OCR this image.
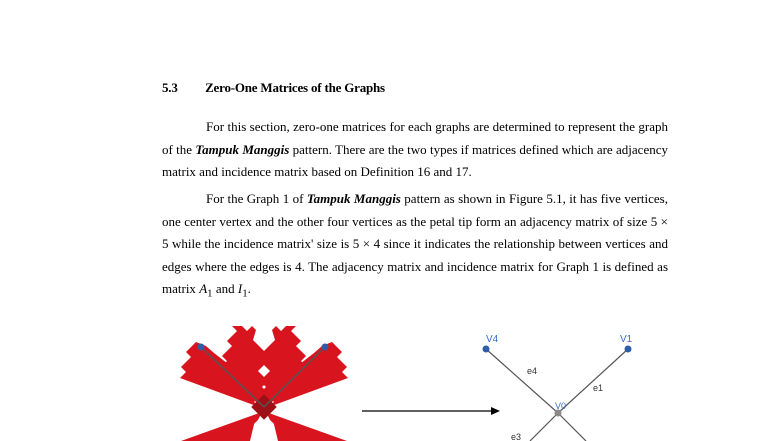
5.3 Zero-One Matrices of the Graphs
For this section, zero-one matrices for each graphs are determined to represent the graph of the Tampuk Manggis pattern. There are the two types if matrices defined which are adjacency matrix and incidence matrix based on Definition 16 and 17.
For the Graph 1 of Tampuk Manggis pattern as shown in Figure 5.1, it has five vertices, one center vertex and the other four vertices as the petal tip form an adjacency matrix of size 5 × 5 while the incidence matrix' size is 5 × 4 since it indicates the relationship between vertices and edges where the edges is 4. The adjacency matrix and incidence matrix for Graph 1 is defined as matrix $A_1$ and $I_1$.
V4	V1
V0
e4
e1
e3
